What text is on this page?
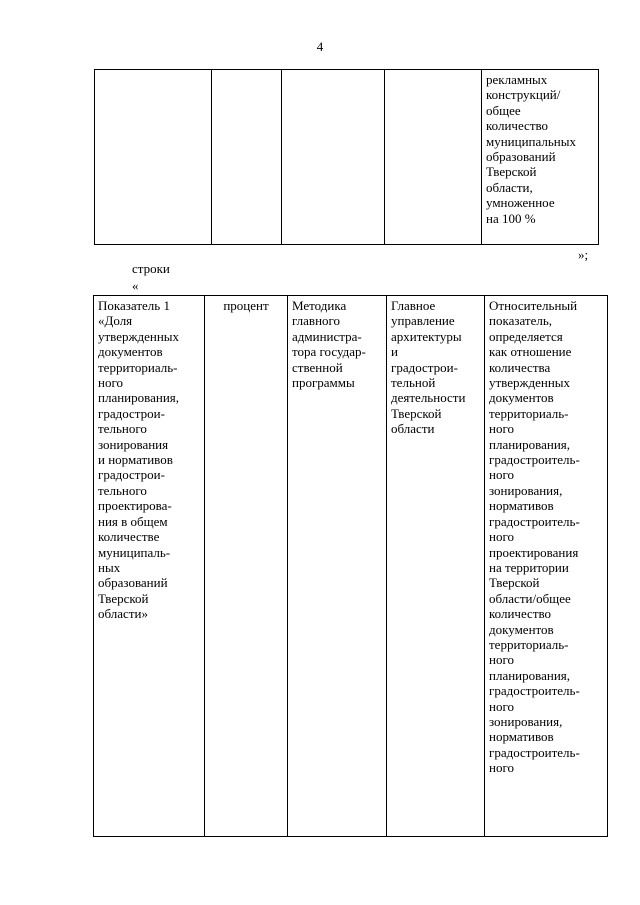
4
				рекламных
конструкций/
общее
количество
муниципальных
образований
Тверской
области,
умноженное
на 100 %
»;
строки
«
Показатель 1
«Доля
утвержденных
документов
территориаль-
ного
планирования,
градострои-
тельного
зонирования
и нормативов
градострои-
тельного
проектирова-
ния в общем
количестве
муниципаль-
ных
образований
Тверской
области»	процент	Методика
главного
администра-
тора государ-
ственной
программы	Главное
управление
архитектуры
и
градострои-
тельной
деятельности
Тверской
области	Относительный
показатель,
определяется
как отношение
количества
утвержденных
документов
территориаль-
ного
планирования,
градостроитель-
ного
зонирования,
нормативов
градостроитель-
ного
проектирования
на территории
Тверской
области/общее
количество
документов
территориаль-
ного
планирования,
градостроитель-
ного
зонирования,
нормативов
градостроитель-
ного
